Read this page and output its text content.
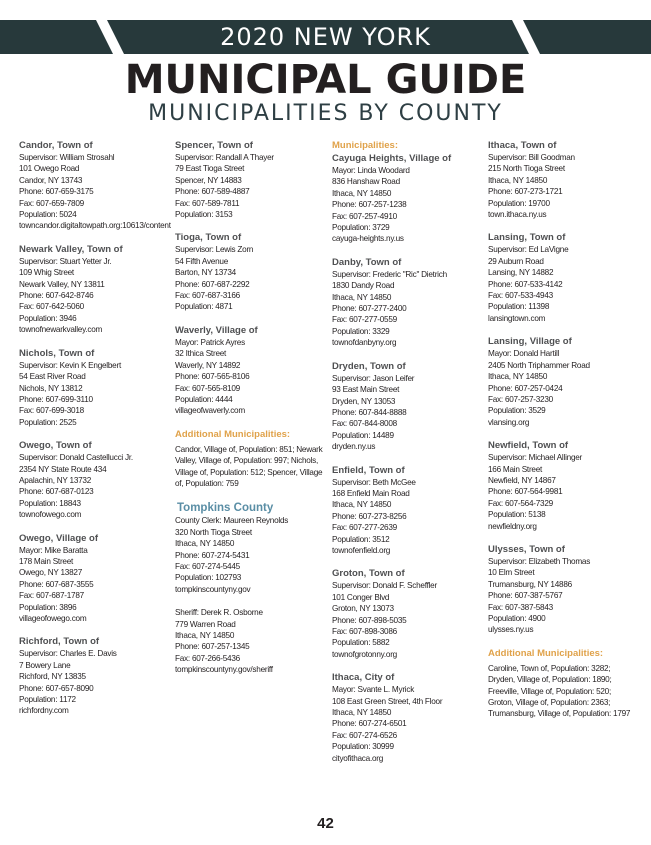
2020 NEW YORK
MUNICIPAL GUIDE
MUNICIPALITIES BY COUNTY
Candor, Town of
Supervisor: William Strosahl
101 Owego Road
Candor, NY 13743
Phone: 607-659-3175
Fax: 607-659-7809
Population: 5024
towncandor.digitaltowpath.org:10613/content
Newark Valley, Town of
Supervisor: Stuart Yetter Jr.
109 Whig Street
Newark Valley, NY 13811
Phone: 607-642-8746
Fax: 607-642-5060
Population: 3946
townofnewarkvalley.com
Nichols, Town of
Supervisor: Kevin K Engelbert
54 East River Road
Nichols, NY 13812
Phone: 607-699-3110
Fax: 607-699-3018
Population: 2525
Owego, Town of
Supervisor: Donald Castellucci Jr.
2354 NY State Route 434
Apalachin, NY 13732
Phone: 607-687-0123
Population: 18843
townofowego.com
Owego, Village of
Mayor: Mike Baratta
178 Main Street
Owego, NY 13827
Phone: 607-687-3555
Fax: 607-687-1787
Population: 3896
villageofowego.com
Richford, Town of
Supervisor: Charles E. Davis
7 Bowery Lane
Richford, NY 13835
Phone: 607-657-8090
Population: 1172
richfordny.com
Spencer, Town of
Supervisor: Randall A Thayer
79 East Tioga Street
Spencer, NY 14883
Phone: 607-589-4887
Fax: 607-589-7811
Population: 3153
Tioga, Town of
Supervisor: Lewis Zorn
54 Fifth Avenue
Barton, NY 13734
Phone: 607-687-2292
Fax: 607-687-3166
Population: 4871
Waverly, Village of
Mayor: Patrick Ayres
32 Ithica Street
Waverly, NY 14892
Phone: 607-565-8106
Fax: 607-565-8109
Population: 4444
villageofwaverly.com
Additional Municipalities:
Candor, Village of, Population: 851; Newark Valley, Village of, Population: 997; Nichols, Village of, Population: 512; Spencer, Village of, Population: 759
Tompkins County
County Clerk: Maureen Reynolds
320 North Tioga Street
Ithaca, NY 14850
Phone: 607-274-5431
Fax: 607-274-5445
Population: 102793
tompkinscountyny.gov
Sheriff: Derek R. Osborne
779 Warren Road
Ithaca, NY 14850
Phone: 607-257-1345
Fax: 607-266-5436
tompkinscountyny.gov/sheriff
Municipalities:
Cayuga Heights, Village of
Mayor: Linda Woodard
836 Hanshaw Road
Ithaca, NY 14850
Phone: 607-257-1238
Fax: 607-257-4910
Population: 3729
cayuga-heights.ny.us
Danby, Town of
Supervisor: Frederic "Ric" Dietrich
1830 Dandy Road
Ithaca, NY 14850
Phone: 607-277-2400
Fax: 607-277-0559
Population: 3329
townofdanbyny.org
Dryden, Town of
Supervisor: Jason Leifer
93 East Main Street
Dryden, NY 13053
Phone: 607-844-8888
Fax: 607-844-8008
Population: 14489
dryden.ny.us
Enfield, Town of
Supervisor: Beth McGee
168 Enfield Main Road
Ithaca, NY 14850
Phone: 607-273-8256
Fax: 607-277-2639
Population: 3512
townofenfield.org
Groton, Town of
Supervisor: Donald F. Scheffler
101 Conger Blvd
Groton, NY 13073
Phone: 607-898-5035
Fax: 607-898-3086
Population: 5882
townofgrotonny.org
Ithaca, City of
Mayor: Svante L. Myrick
108 East Green Street, 4th Floor
Ithaca, NY 14850
Phone: 607-274-6501
Fax: 607-274-6526
Population: 30999
cityofithaca.org
Ithaca, Town of
Supervisor: Bill Goodman
215 North Tioga Street
Ithaca, NY 14850
Phone: 607-273-1721
Population: 19700
town.ithaca.ny.us
Lansing, Town of
Supervisor: Ed LaVigne
29 Auburn Road
Lansing, NY 14882
Phone: 607-533-4142
Fax: 607-533-4943
Population: 11398
lansingtown.com
Lansing, Village of
Mayor: Donald Hartill
2405 North Triphammer Road
Ithaca, NY 14850
Phone: 607-257-0424
Fax: 607-257-3230
Population: 3529
vlansing.org
Newfield, Town of
Supervisor: Michael Allinger
166 Main Street
Newfield, NY 14867
Phone: 607-564-9981
Fax: 607-564-7329
Population: 5138
newfieldny.org
Ulysses, Town of
Supervisor: Elizabeth Thomas
10 Elm Street
Trumansburg, NY 14886
Phone: 607-387-5767
Fax: 607-387-5843
Population: 4900
ulysses.ny.us
Additional Municipalities:
Caroline, Town of, Population: 3282; Dryden, Village of, Population: 1890; Freeville, Village of, Population: 520; Groton, Village of, Population: 2363; Trumansburg, Village of, Population: 1797
42
